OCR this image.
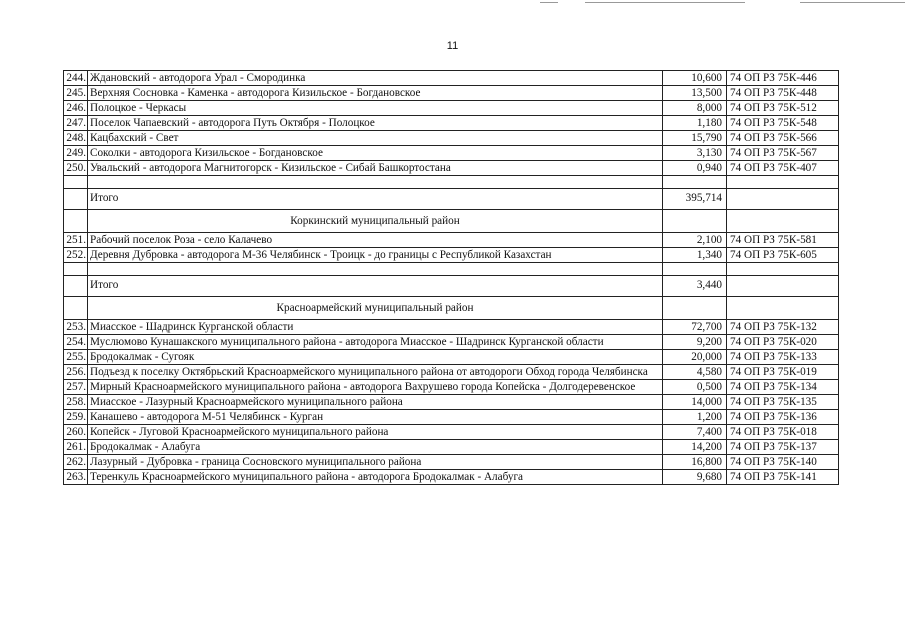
11
244.	Ждановский - автодорога Урал - Смородинка	10,600	74 ОП РЗ 75К-446
245.	Верхняя Сосновка - Каменка - автодорога Кизильское - Богдановское	13,500	74 ОП РЗ 75К-448
246.	Полоцкое - Черкасы	8,000	74 ОП РЗ 75К-512
247.	Поселок Чапаевский - автодорога Путь Октября - Полоцкое	1,180	74 ОП РЗ 75К-548
248.	Кацбахский - Свет	15,790	74 ОП РЗ 75К-566
249.	Соколки - автодорога Кизильское - Богдановское	3,130	74 ОП РЗ 75К-567
250.	Увальский - автодорога Магнитогорск - Кизильское - Сибай Башкортостана	0,940	74 ОП РЗ 75К-407

	Итого	395,714	
	Коркинский муниципальный район		
251.	Рабочий поселок Роза - село Калачево	2,100	74 ОП РЗ 75К-581
252.	Деревня Дубровка - автодорога М-36 Челябинск - Троицк - до границы с Республикой Казахстан	1,340	74 ОП РЗ 75К-605

	Итого	3,440	
	Красноармейский муниципальный район		
253.	Миасское - Шадринск Курганской области	72,700	74 ОП РЗ 75К-132
254.	Муслюмово Кунашакского муниципального района - автодорога Миасское - Шадринск Курганской области	9,200	74 ОП РЗ 75К-020
255.	Бродокалмак - Сугояк	20,000	74 ОП РЗ 75К-133
256.	Подъезд к поселку Октябрьский Красноармейского муниципального района от автодороги Обход города Челябинска	4,580	74 ОП РЗ 75К-019
257.	Мирный Красноармейского муниципального района - автодорога Вахрушево города Копейска - Долгодеревенское	0,500	74 ОП РЗ 75К-134
258.	Миасское - Лазурный Красноармейского муниципального района	14,000	74 ОП РЗ 75К-135
259.	Канашево - автодорога М-51 Челябинск - Курган	1,200	74 ОП РЗ 75К-136
260.	Копейск - Луговой Красноармейского муниципального района	7,400	74 ОП РЗ 75К-018
261.	Бродокалмак - Алабуга	14,200	74 ОП РЗ 75К-137
262.	Лазурный - Дубровка - граница Сосновского муниципального района	16,800	74 ОП РЗ 75К-140
263.	Теренкуль Красноармейского муниципального района - автодорога Бродокалмак - Алабуга	9,680	74 ОП РЗ 75К-141
